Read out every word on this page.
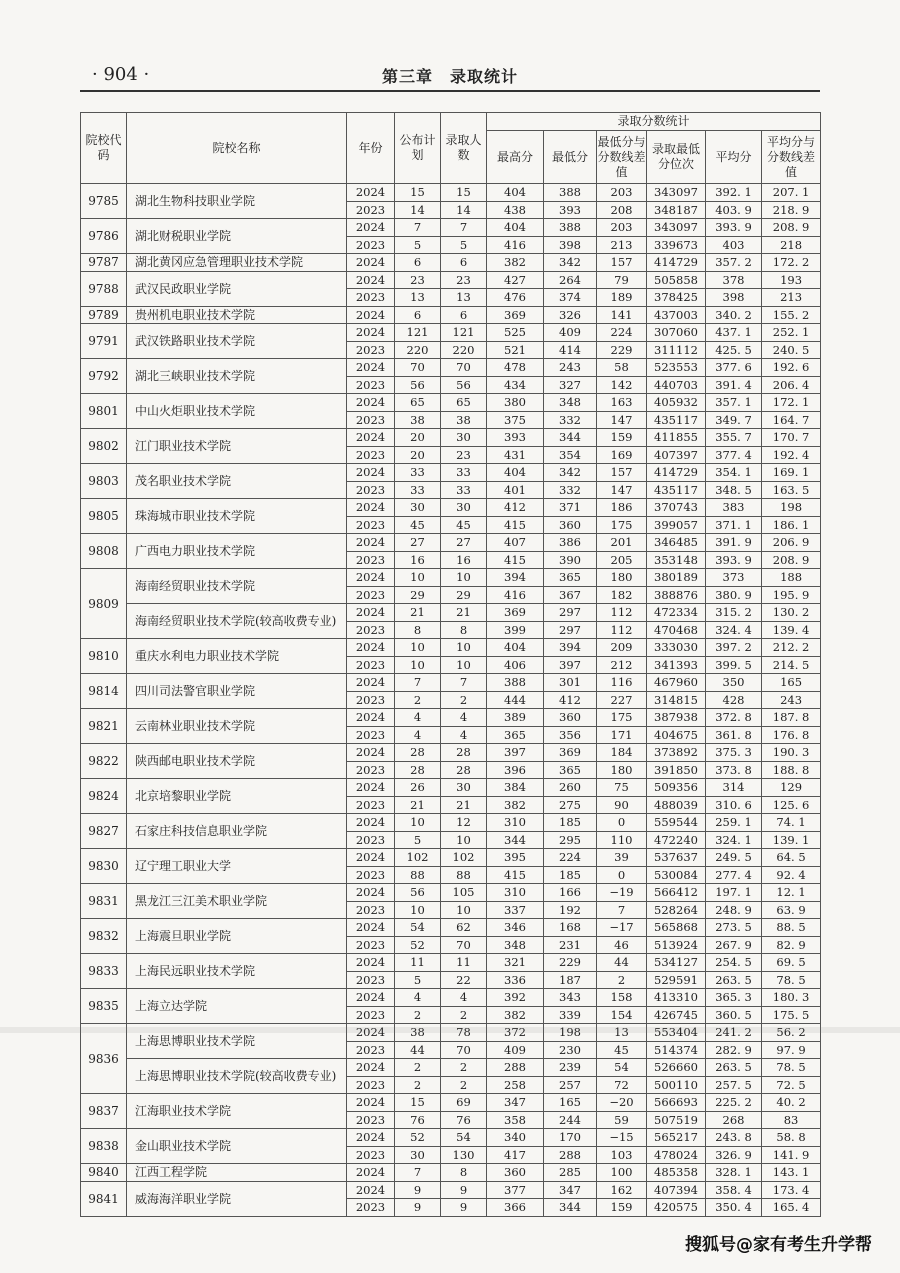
· 904 ·	第三章　录取统计
院校代码	院校名称	年份	公布计划	录取人数	录取分数统计					
					最高分	最低分	最低分与分数线差值	录取最低分位次	平均分	平均分与分数线差值
9785	湖北生物科技职业学院	2024	15	15	404	388	203	343097	392. 1	207. 1
		2023	14	14	438	393	208	348187	403. 9	218. 9
9786	湖北财税职业学院	2024	7	7	404	388	203	343097	393. 9	208. 9
		2023	5	5	416	398	213	339673	403	218
9787	湖北黄冈应急管理职业技术学院	2024	6	6	382	342	157	414729	357. 2	172. 2
9788	武汉民政职业学院	2024	23	23	427	264	79	505858	378	193
		2023	13	13	476	374	189	378425	398	213
9789	贵州机电职业技术学院	2024	6	6	369	326	141	437003	340. 2	155. 2
9791	武汉铁路职业技术学院	2024	121	121	525	409	224	307060	437. 1	252. 1
		2023	220	220	521	414	229	311112	425. 5	240. 5
9792	湖北三峡职业技术学院	2024	70	70	478	243	58	523553	377. 6	192. 6
		2023	56	56	434	327	142	440703	391. 4	206. 4
9801	中山火炬职业技术学院	2024	65	65	380	348	163	405932	357. 1	172. 1
		2023	38	38	375	332	147	435117	349. 7	164. 7
9802	江门职业技术学院	2024	20	30	393	344	159	411855	355. 7	170. 7
		2023	20	23	431	354	169	407397	377. 4	192. 4
9803	茂名职业技术学院	2024	33	33	404	342	157	414729	354. 1	169. 1
		2023	33	33	401	332	147	435117	348. 5	163. 5
9805	珠海城市职业技术学院	2024	30	30	412	371	186	370743	383	198
		2023	45	45	415	360	175	399057	371. 1	186. 1
9808	广西电力职业技术学院	2024	27	27	407	386	201	346485	391. 9	206. 9
		2023	16	16	415	390	205	353148	393. 9	208. 9
9809	海南经贸职业技术学院	2024	10	10	394	365	180	380189	373	188
		2023	29	29	416	367	182	388876	380. 9	195. 9
	海南经贸职业技术学院(较高收费专业)	2024	21	21	369	297	112	472334	315. 2	130. 2
		2023	8	8	399	297	112	470468	324. 4	139. 4
9810	重庆水利电力职业技术学院	2024	10	10	404	394	209	333030	397. 2	212. 2
		2023	10	10	406	397	212	341393	399. 5	214. 5
9814	四川司法警官职业学院	2024	7	7	388	301	116	467960	350	165
		2023	2	2	444	412	227	314815	428	243
9821	云南林业职业技术学院	2024	4	4	389	360	175	387938	372. 8	187. 8
		2023	4	4	365	356	171	404675	361. 8	176. 8
9822	陕西邮电职业技术学院	2024	28	28	397	369	184	373892	375. 3	190. 3
		2023	28	28	396	365	180	391850	373. 8	188. 8
9824	北京培黎职业学院	2024	26	30	384	260	75	509356	314	129
		2023	21	21	382	275	90	488039	310. 6	125. 6
9827	石家庄科技信息职业学院	2024	10	12	310	185	0	559544	259. 1	74. 1
		2023	5	10	344	295	110	472240	324. 1	139. 1
9830	辽宁理工职业大学	2024	102	102	395	224	39	537637	249. 5	64. 5
		2023	88	88	415	185	0	530084	277. 4	92. 4
9831	黑龙江三江美术职业学院	2024	56	105	310	166	−19	566412	197. 1	12. 1
		2023	10	10	337	192	7	528264	248. 9	63. 9
9832	上海震旦职业学院	2024	54	62	346	168	−17	565868	273. 5	88. 5
		2023	52	70	348	231	46	513924	267. 9	82. 9
9833	上海民远职业技术学院	2024	11	11	321	229	44	534127	254. 5	69. 5
		2023	5	22	336	187	2	529591	263. 5	78. 5
9835	上海立达学院	2024	4	4	392	343	158	413310	365. 3	180. 3
		2023	2	2	382	339	154	426745	360. 5	175. 5
9836	上海思博职业技术学院	2024	38	78	372	198	13	553404	241. 2	56. 2
		2023	44	70	409	230	45	514374	282. 9	97. 9
	上海思博职业技术学院(较高收费专业)	2024	2	2	288	239	54	526660	263. 5	78. 5
		2023	2	2	258	257	72	500110	257. 5	72. 5
9837	江海职业技术学院	2024	15	69	347	165	−20	566693	225. 2	40. 2
		2023	76	76	358	244	59	507519	268	83
9838	金山职业技术学院	2024	52	54	340	170	−15	565217	243. 8	58. 8
		2023	30	130	417	288	103	478024	326. 9	141. 9
9840	江西工程学院	2024	7	8	360	285	100	485358	328. 1	143. 1
9841	威海海洋职业学院	2024	9	9	377	347	162	407394	358. 4	173. 4
		2023	9	9	366	344	159	420575	350. 4	165. 4
搜狐号@家有考生升学帮
